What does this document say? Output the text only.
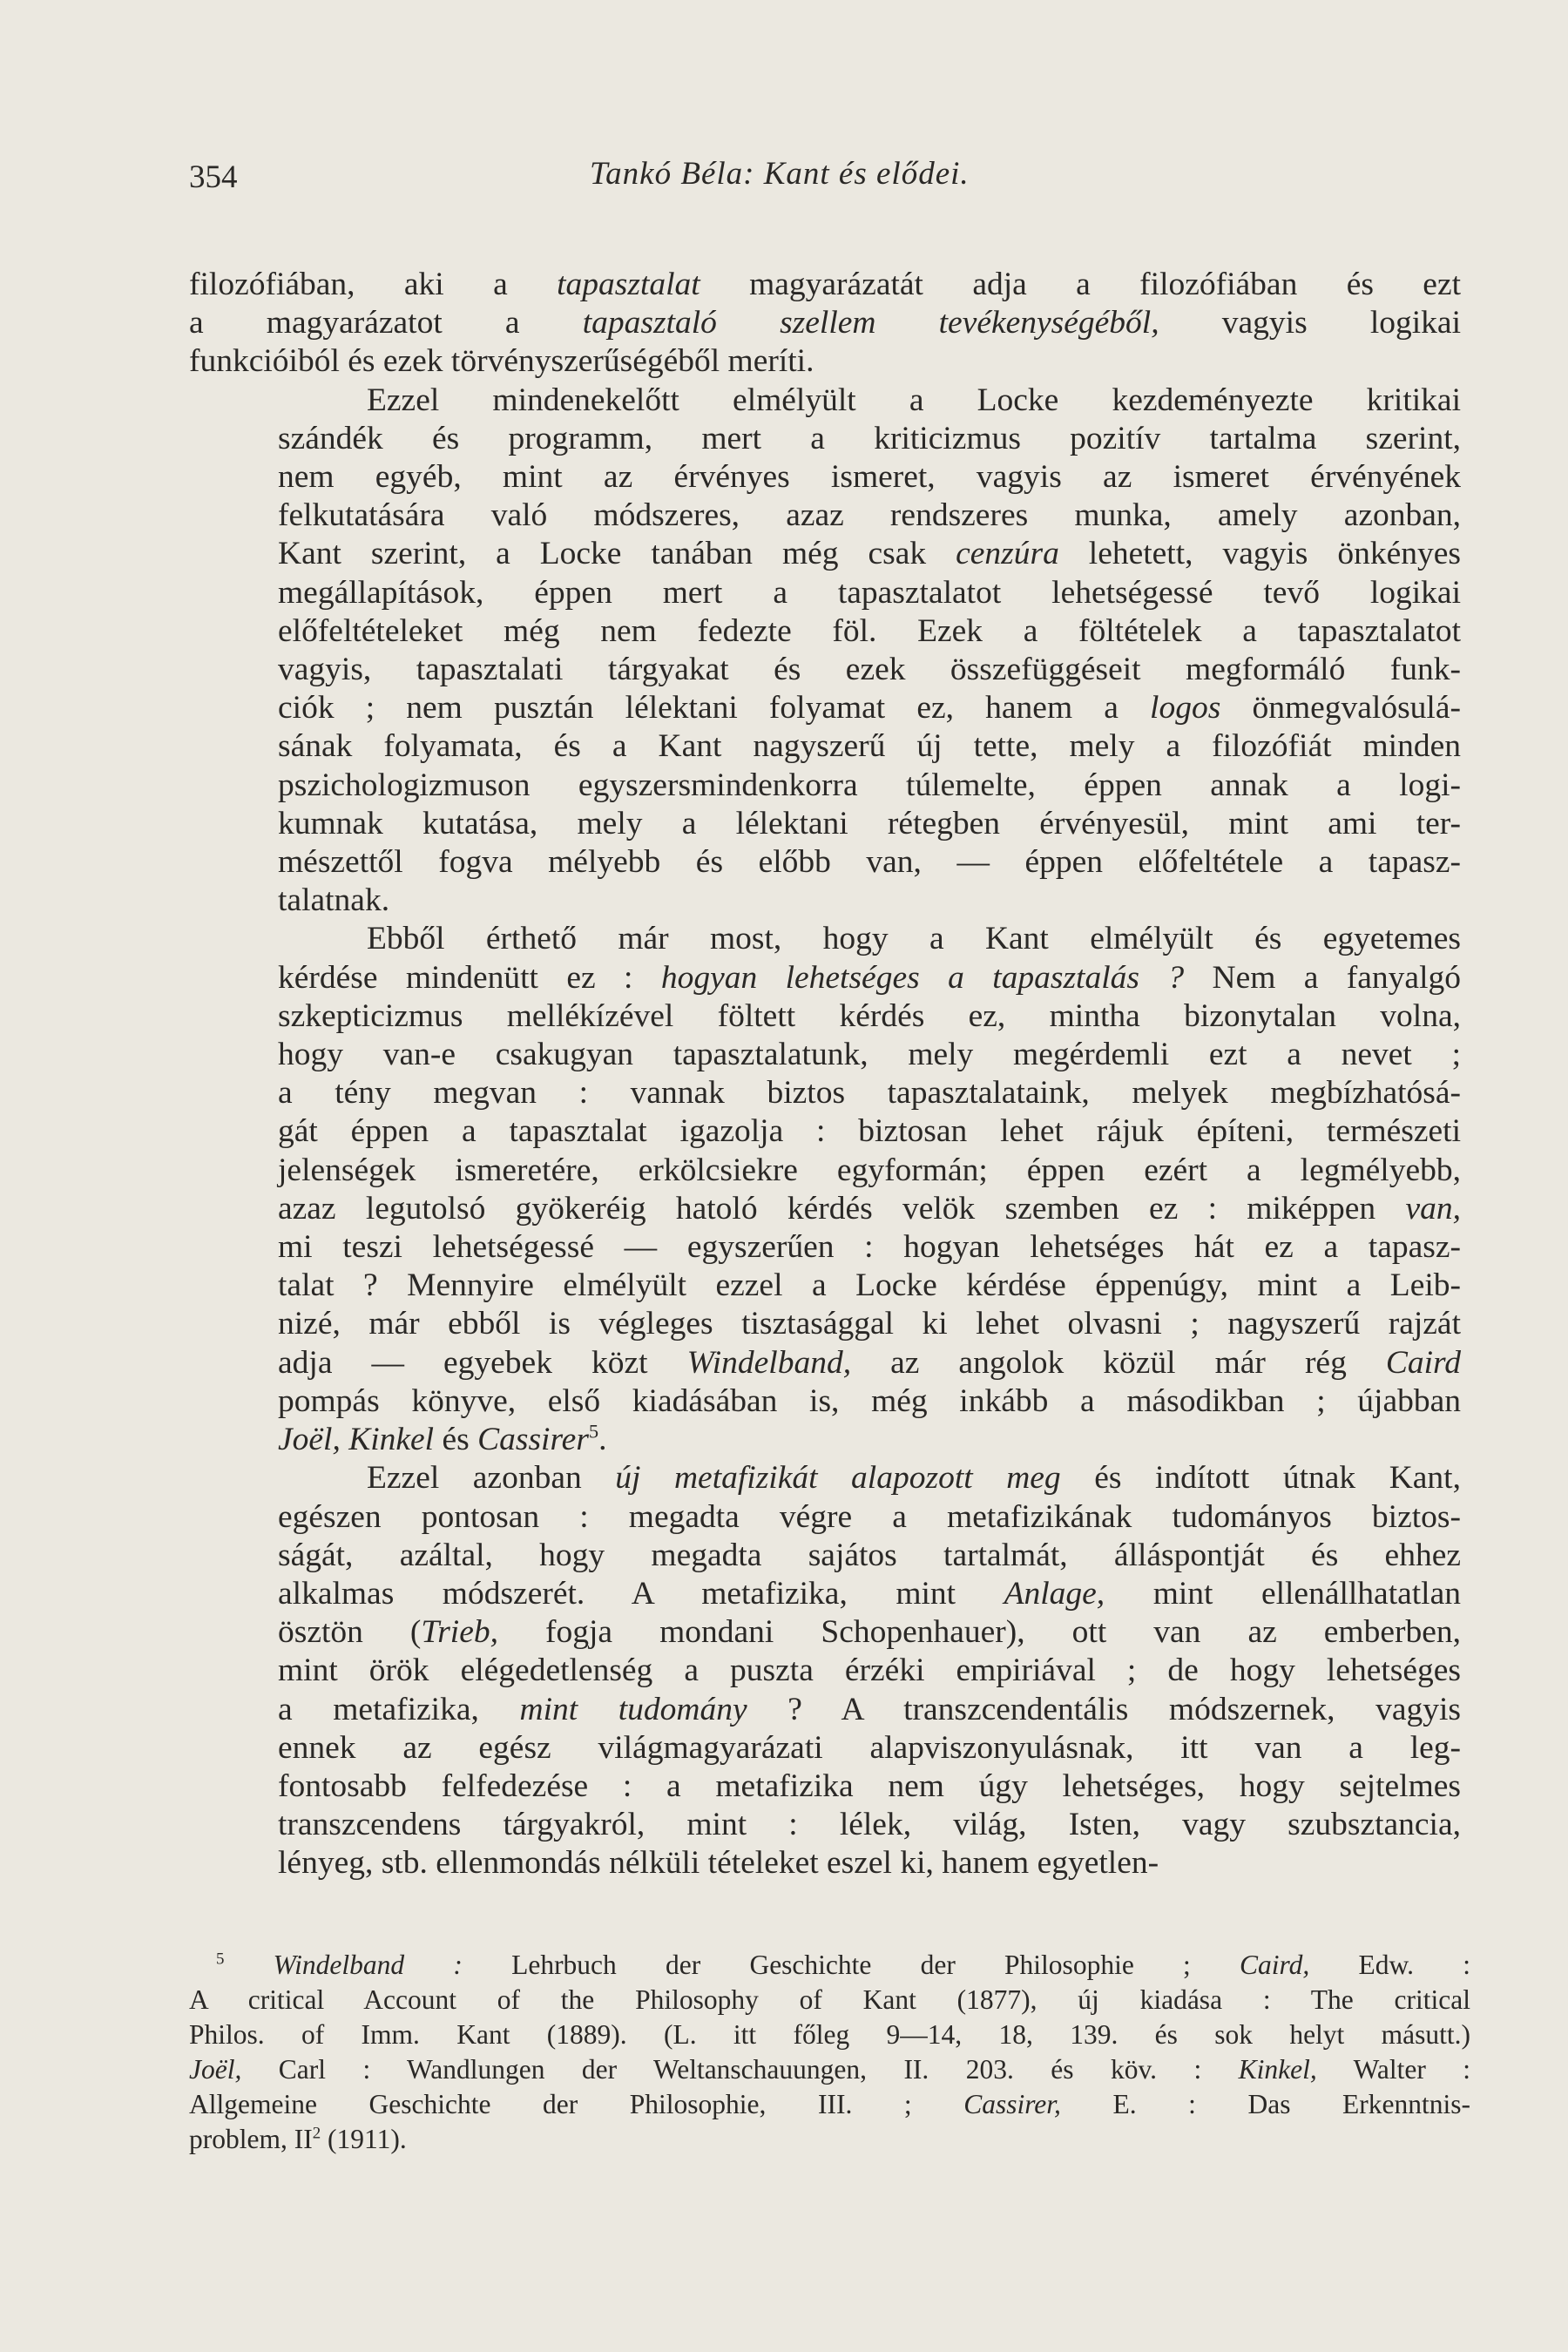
354	Tankó Béla: Kant és elődei.
filozófiában, aki a tapasztalat magyarázatát adja a filozófiában és ezt
a magyarázatot a tapasztaló szellem tevékenységéből, vagyis logikai
funkcióiból és ezek törvényszerűségéből meríti.
Ezzel mindenekelőtt elmélyült a Locke kezdeményezte kritikai
szándék és programm, mert a kriticizmus pozitív tartalma szerint,
nem egyéb, mint az érvényes ismeret, vagyis az ismeret érvényének
felkutatására való módszeres, azaz rendszeres munka, amely azonban,
Kant szerint, a Locke tanában még csak cenzúra lehetett, vagyis önkényes
megállapítások, éppen mert a tapasztalatot lehetségessé tevő logikai
előfeltételeket még nem fedezte föl. Ezek a föltételek a tapasztalatot
vagyis, tapasztalati tárgyakat és ezek összefüggéseit megformáló funk-
ciók ; nem pusztán lélektani folyamat ez, hanem a logos önmegvalósulá-
sának folyamata, és a Kant nagyszerű új tette, mely a filozófiát minden
pszichologizmuson egyszersmindenkorra túlemelte, éppen annak a logi-
kumnak kutatása, mely a lélektani rétegben érvényesül, mint ami ter-
mészettől fogva mélyebb és előbb van, — éppen előfeltétele a tapasz-
talatnak.
Ebből érthető már most, hogy a Kant elmélyült és egyetemes
kérdése mindenütt ez : hogyan lehetséges a tapasztalás ? Nem a fanyalgó
szkepticizmus mellékízével föltett kérdés ez, mintha bizonytalan volna,
hogy van-e csakugyan tapasztalatunk, mely megérdemli ezt a nevet ;
a tény megvan : vannak biztos tapasztalataink, melyek megbízhatósá-
gát éppen a tapasztalat igazolja : biztosan lehet rájuk építeni, természeti
jelenségek ismeretére, erkölcsiekre egyformán; éppen ezért a legmélyebb,
azaz legutolsó gyökeréig hatoló kérdés velök szemben ez : miképpen van,
mi teszi lehetségessé — egyszerűen : hogyan lehetséges hát ez a tapasz-
talat ? Mennyire elmélyült ezzel a Locke kérdése éppenúgy, mint a Leib-
nizé, már ebből is végleges tisztasággal ki lehet olvasni ; nagyszerű rajzát
adja — egyebek közt Windelband, az angolok közül már rég Caird
pompás könyve, első kiadásában is, még inkább a másodikban ; újabban
Joël, Kinkel és Cassirer$^5$.
Ezzel azonban új metafizikát alapozott meg és indított útnak Kant,
egészen pontosan : megadta végre a metafizikának tudományos biztos-
ságát, azáltal, hogy megadta sajátos tartalmát, álláspontját és ehhez
alkalmas módszerét. A metafizika, mint Anlage, mint ellenállhatatlan
ösztön (Trieb, fogja mondani Schopenhauer), ott van az emberben,
mint örök elégedetlenség a puszta érzéki empiriával ; de hogy lehetséges
a metafizika, mint tudomány ? A transzcendentális módszernek, vagyis
ennek az egész világmagyarázati alapviszonyulásnak, itt van a leg-
fontosabb felfedezése : a metafizika nem úgy lehetséges, hogy sejtelmes
transzcendens tárgyakról, mint : lélek, világ, Isten, vagy szubsztancia,
lényeg, stb. ellenmondás nélküli tételeket eszel ki, hanem egyetlen-
$^5$ Windelband : Lehrbuch der Geschichte der Philosophie ; Caird, Edw. :
A critical Account of the Philosophy of Kant (1877), új kiadása : The critical
Philos. of Imm. Kant (1889). (L. itt főleg 9—14, 18, 139. és sok helyt másutt.)
Joël, Carl : Wandlungen der Weltanschauungen, II. 203. és köv. : Kinkel, Walter :
Allgemeine Geschichte der Philosophie, III. ; Cassirer, E. : Das Erkenntnis-
problem, $II^2$ (1911).
